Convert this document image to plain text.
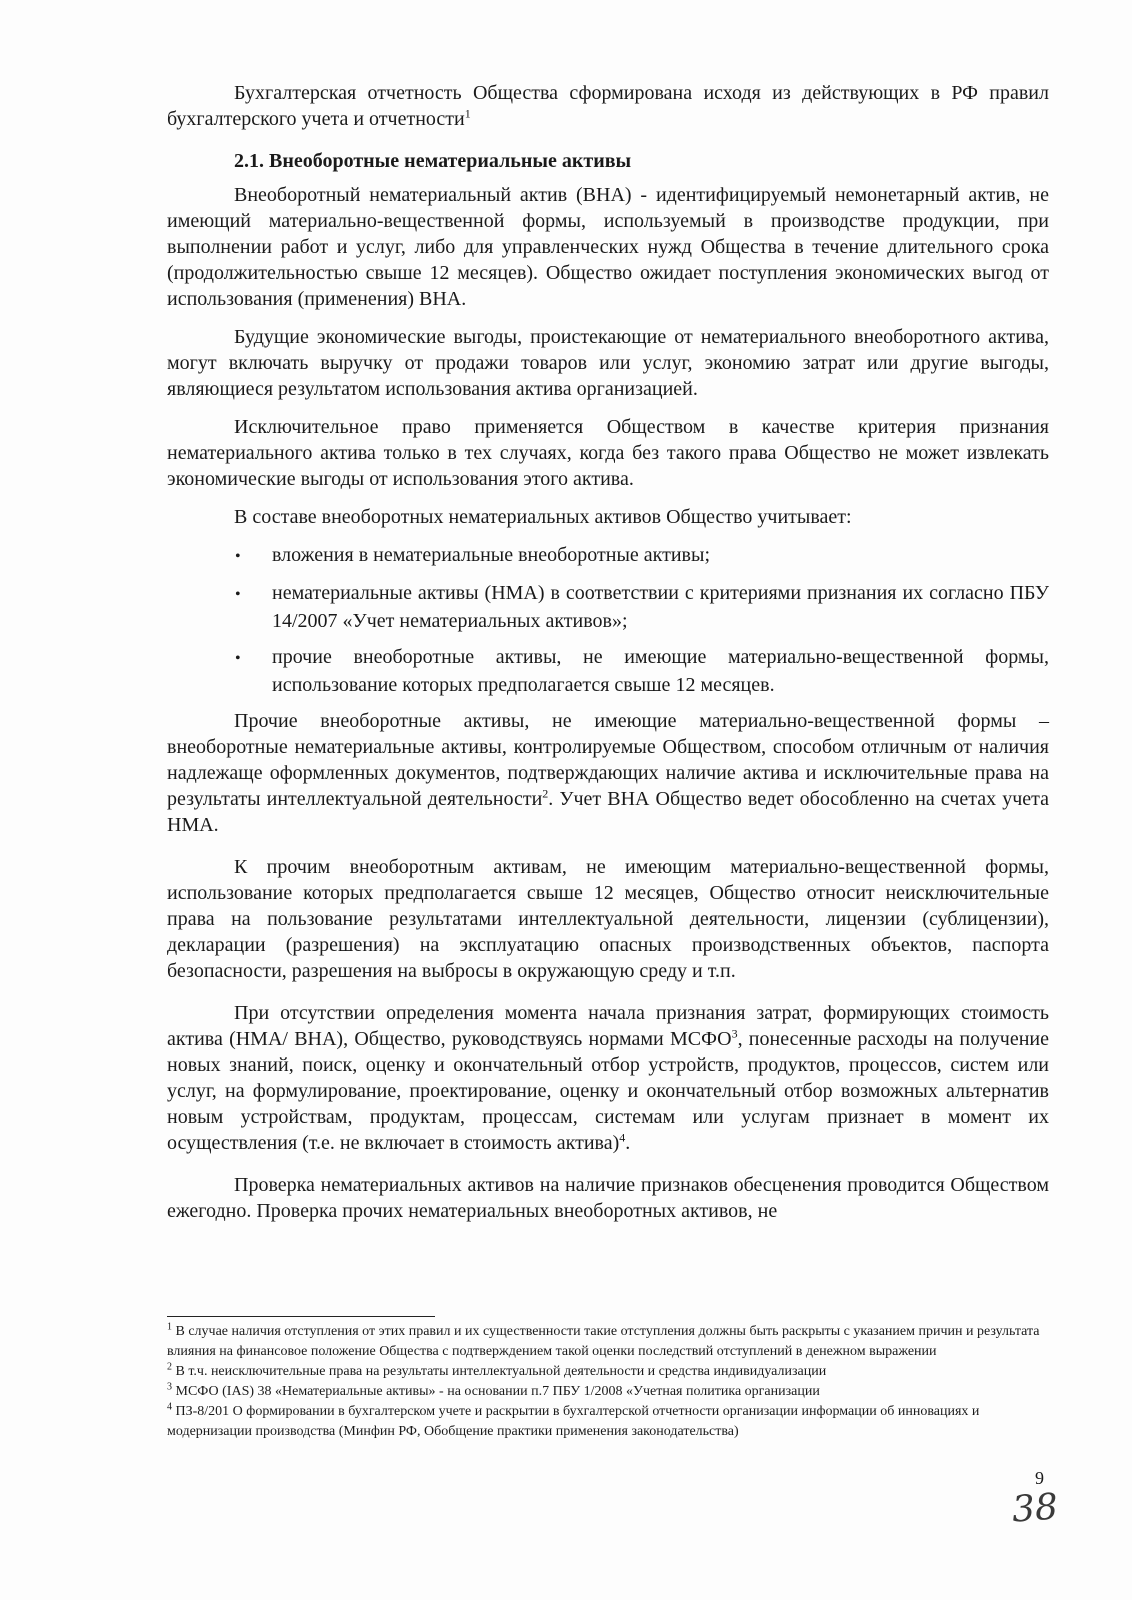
Бухгалтерская отчетность Общества сформирована исходя из действующих в РФ правил бухгалтерского учета и отчетности$^1$

2.1. Внеоборотные нематериальные активы

Внеоборотный нематериальный актив (ВНА) - идентифицируемый немонетарный актив, не имеющий материально-вещественной формы, используемый в производстве продукции, при выполнении работ и услуг, либо для управленческих нужд Общества в течение длительного срока (продолжительностью свыше 12 месяцев). Общество ожидает поступления экономических выгод от использования (применения) ВНА.

Будущие экономические выгоды, проистекающие от нематериального внеоборотного актива, могут включать выручку от продажи товаров или услуг, экономию затрат или другие выгоды, являющиеся результатом использования актива организацией.

Исключительное право применяется Обществом в качестве критерия признания нематериального актива только в тех случаях, когда без такого права Общество не может извлекать экономические выгоды от использования этого актива.

В составе внеоборотных нематериальных активов Общество учитывает:

• вложения в нематериальные внеоборотные активы;
• нематериальные активы (НМА) в соответствии с критериями признания их согласно ПБУ 14/2007 «Учет нематериальных активов»;
• прочие внеоборотные активы, не имеющие материально-вещественной формы, использование которых предполагается свыше 12 месяцев.

Прочие внеоборотные активы, не имеющие материально-вещественной формы – внеоборотные нематериальные активы, контролируемые Обществом, способом отличным от наличия надлежаще оформленных документов, подтверждающих наличие актива и исключительные права на результаты интеллектуальной деятельности$^2$. Учет ВНА Общество ведет обособленно на счетах учета НМА.

К прочим внеоборотным активам, не имеющим материально-вещественной формы, использование которых предполагается свыше 12 месяцев, Общество относит неисключительные права на пользование результатами интеллектуальной деятельности, лицензии (сублицензии), декларации (разрешения) на эксплуатацию опасных производственных объектов, паспорта безопасности, разрешения на выбросы в окружающую среду и т.п.

При отсутствии определения момента начала признания затрат, формирующих стоимость актива (НМА/ ВНА), Общество, руководствуясь нормами МСФО$^3$, понесенные расходы на получение новых знаний, поиск, оценку и окончательный отбор устройств, продуктов, процессов, систем или услуг, на формулирование, проектирование, оценку и окончательный отбор возможных альтернатив новым устройствам, продуктам, процессам, системам или услугам признает в момент их осуществления (т.е. не включает в стоимость актива)$^4$.

Проверка нематериальных активов на наличие признаков обесценения проводится Обществом ежегодно. Проверка прочих нематериальных внеоборотных активов, не

$^1$ В случае наличия отступления от этих правил и их существенности такие отступления должны быть раскрыты с указанием причин и результата влияния на финансовое положение Общества с подтверждением такой оценки последствий отступлений в денежном выражении

$^2$ В т.ч. неисключительные права на результаты интеллектуальной деятельности и средства индивидуализации

$^3$ МСФО (IAS) 38 «Нематериальные активы» - на основании п.7 ПБУ 1/2008 «Учетная политика организации

$^4$ ПЗ-8/201 О формировании в бухгалтерском учете и раскрытии в бухгалтерской отчетности организации информации об инновациях и модернизации производства (Минфин РФ, Обобщение практики применения законодательства)

9
38
